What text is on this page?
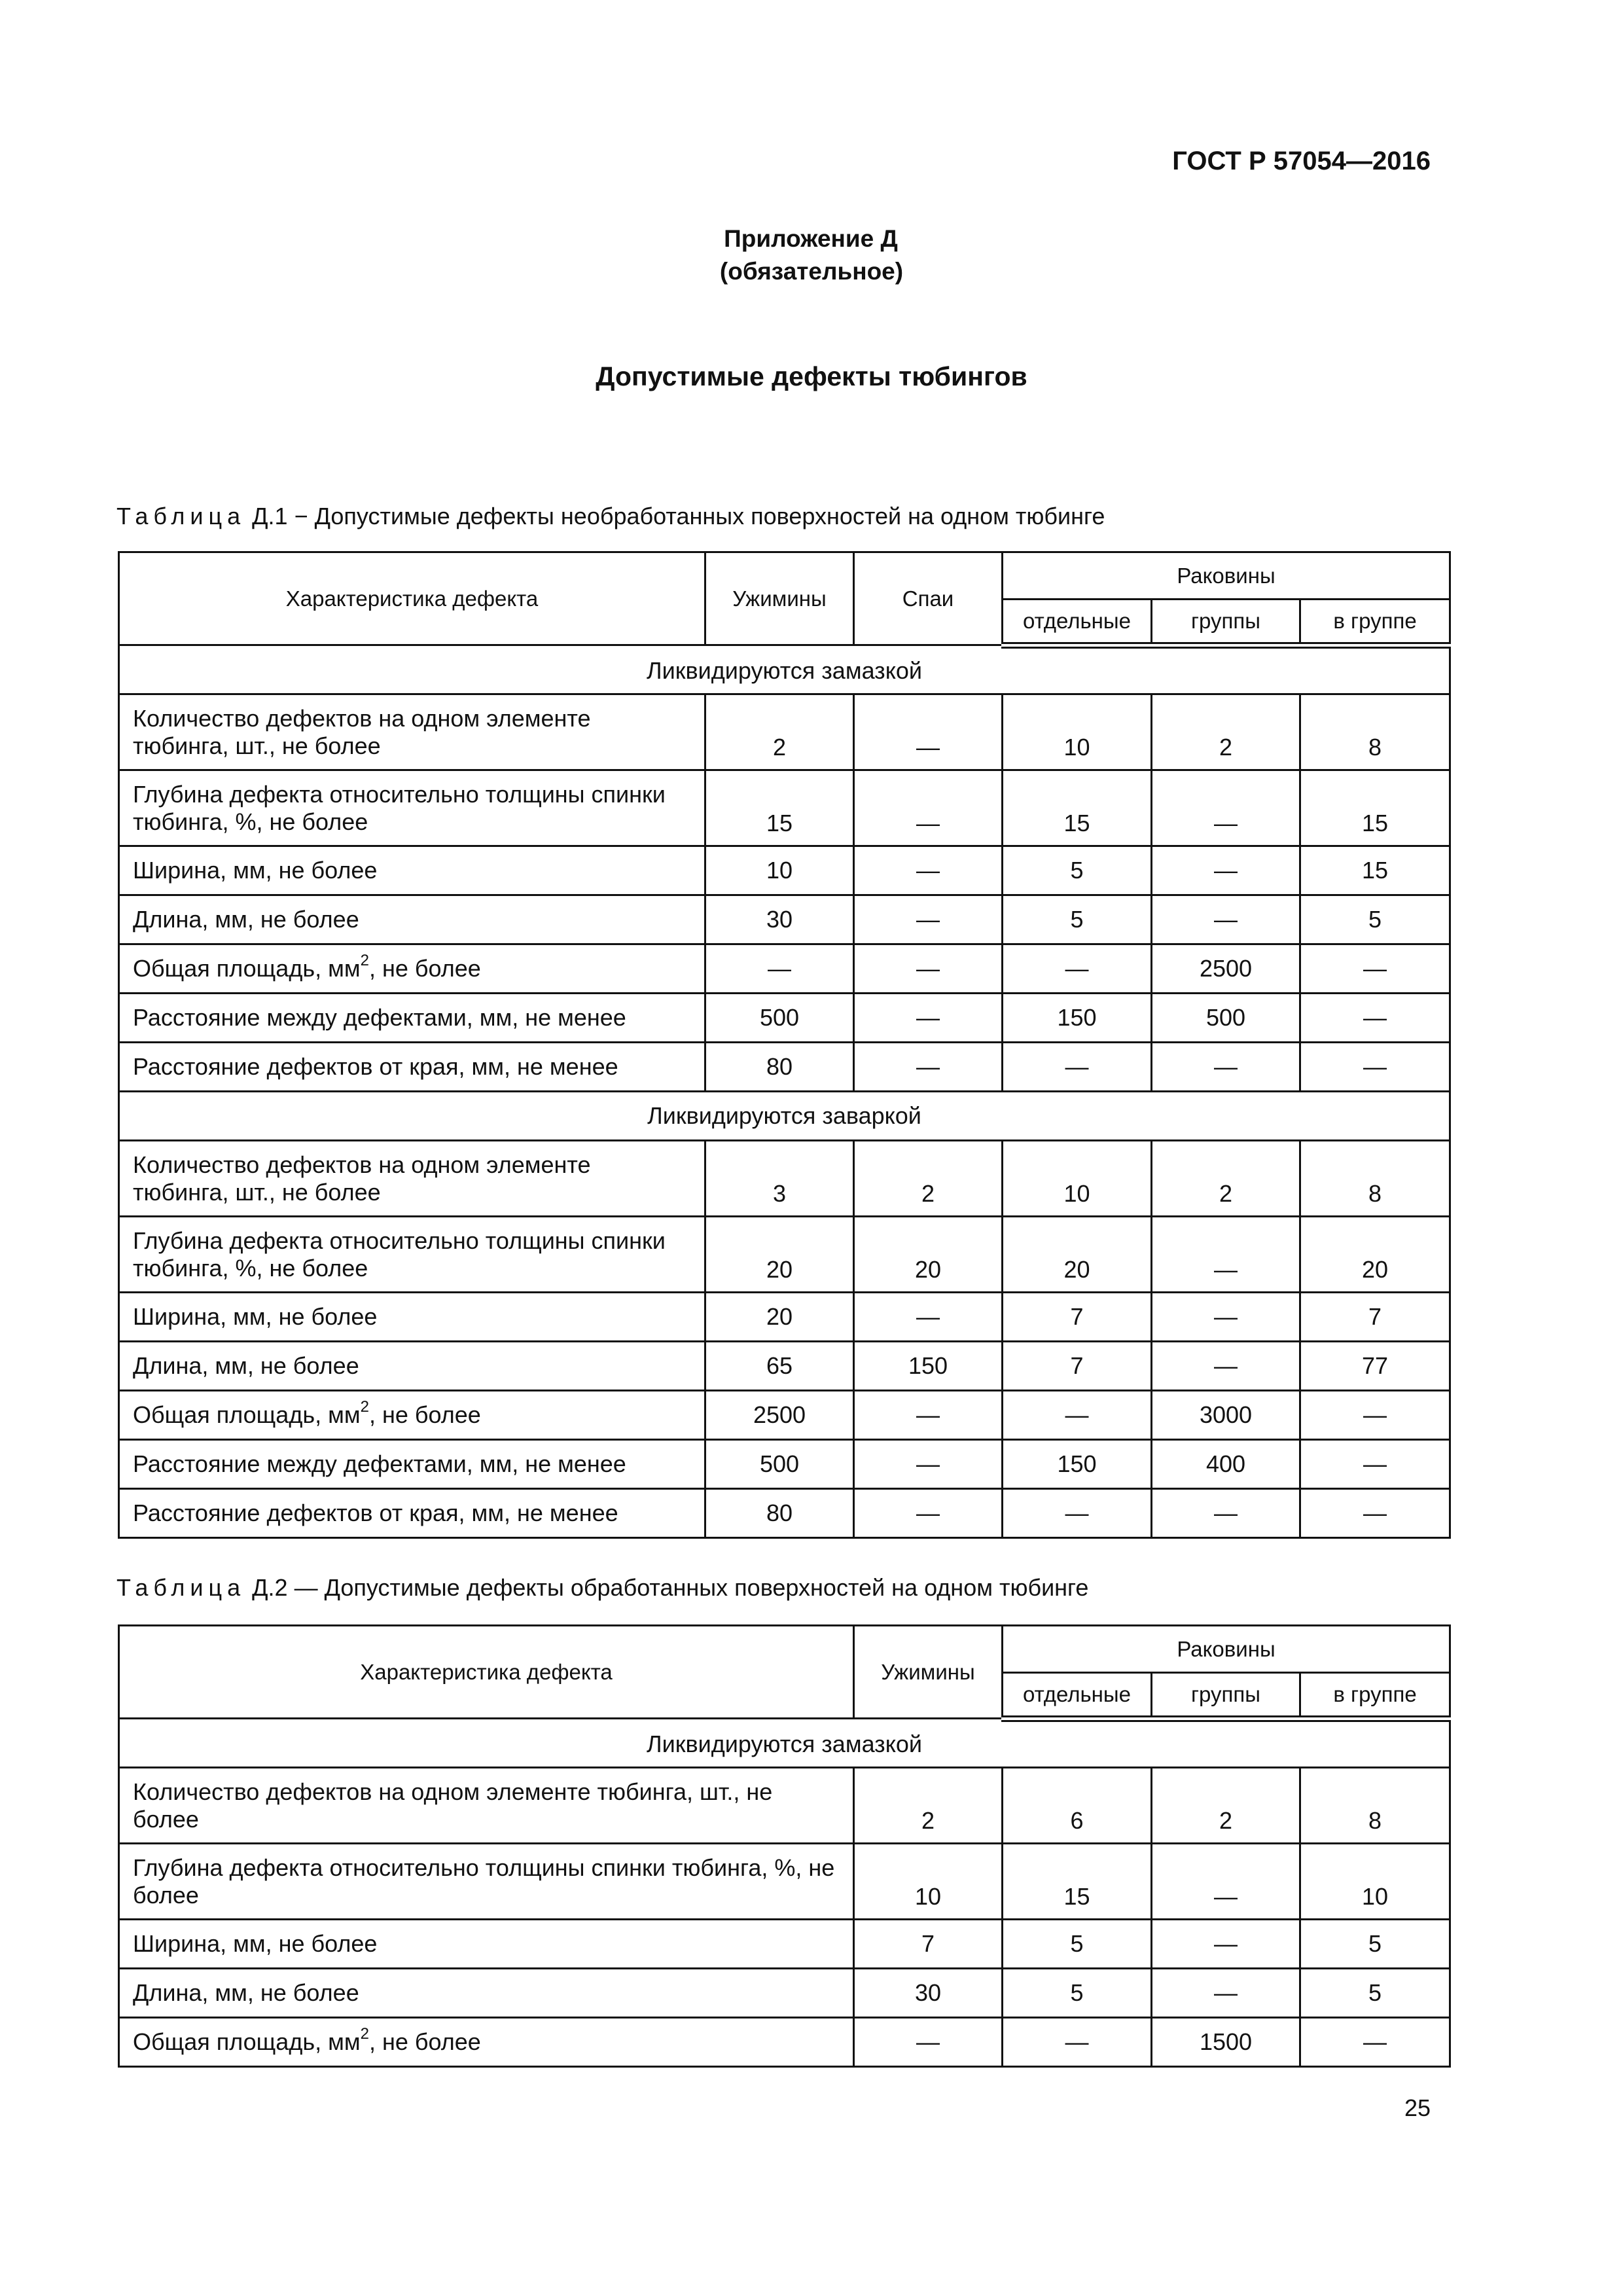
ГОСТ Р 57054—2016
Приложение Д
(обязательное)
Допустимые дефекты тюбингов
Таблица Д.1 − Допустимые дефекты необработанных поверхностей на одном тюбинге
Характеристика дефекта	Ужимины	Спаи	Раковины		
			отдельные	группы	в группе
Ликвидируются замазкой					
Количество дефектов на одном элементе тюбинга, шт., не более	2	—	10	2	8
Глубина дефекта относительно толщины спинки тюбинга, %, не более	15	—	15	—	15
Ширина, мм, не более	10	—	5	—	15
Длина, мм, не более	30	—	5	—	5
Общая площадь, $мм^2$, не более	—	—	—	2500	—
Расстояние между дефектами, мм, не менее	500	—	150	500	—
Расстояние дефектов от края, мм, не менее	80	—	—	—	—
Ликвидируются заваркой					
Количество дефектов на одном элементе тюбинга, шт., не более	3	2	10	2	8
Глубина дефекта относительно толщины спинки тюбинга, %, не более	20	20	20	—	20
Ширина, мм, не более	20	—	7	—	7
Длина, мм, не более	65	150	7	—	77
Общая площадь, $мм^2$, не более	2500	—	—	3000	—
Расстояние между дефектами, мм, не менее	500	—	150	400	—
Расстояние дефектов от края, мм, не менее	80	—	—	—	—
Таблица Д.2 — Допустимые дефекты обработанных поверхностей на одном тюбинге
Характеристика дефекта	Ужимины	Раковины		
		отдельные	группы	в группе
Ликвидируются замазкой				
Количество дефектов на одном элементе тюбинга, шт., не более	2	6	2	8
Глубина дефекта относительно толщины спинки тюбинга, %, не более	10	15	—	10
Ширина, мм, не более	7	5	—	5
Длина, мм, не более	30	5	—	5
Общая площадь, $мм^2$, не более	—	—	1500	—
25
